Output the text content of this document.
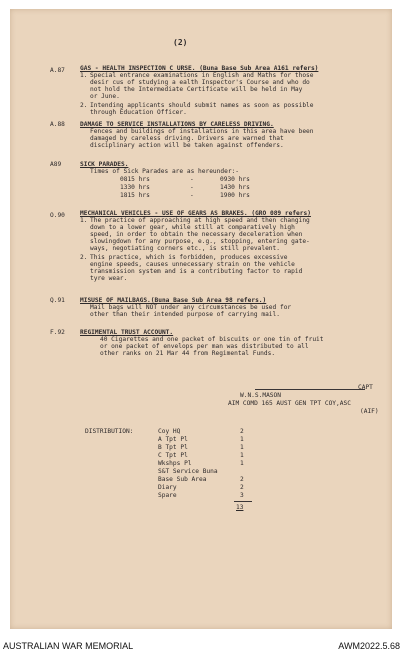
(2)
A.87 GAS - HEALTH INSPECTION C URSE. (Buna Base Sub Area A161 refers)
1. Special entrance examinations in English and Maths for those
desir cus of studying a ealth Inspector's Course and who do
not hold the Intermediate Certificate will be held in May
or June.
2. Intending applicants should submit names as soon as possible
through Education Officer.
A.88 DAMAGE TO SERVICE INSTALLATIONS BY CARELESS DRIVING.
Fences and buildings of installations in this area have been
damaged by careless driving. Drivers are warned that
disciplinary action will be taken against offenders.
A89	SICK PARADES.
Times of Sick Parades are as hereunder:-
0815 hrs	-	0930 hrs
1330 hrs	-	1430 hrs
1815 hrs	-	1900 hrs
O.90 MECHANICAL VEHICLES - USE OF GEARS AS BRAKES. (GRO 089 refers)
1. The practice of approaching at high speed and then changing
down to a lower gear, while still at comparatively high
speed, in order to obtain the necessary deceleration when
slowingdown for any purpose, e.g., stopping, entering gate-
ways, negotiating corners etc., is still prevalent.
2. This practice, which is forbidden, produces excessive
engine speeds, causes unnecessary strain on the vehicle
transmission system and is a contributing factor to rapid
tyre wear.
Q.91 MISUSE OF MAILBAGS.(Buna Base Sub Area 98 refers.)
Mail bags will NOT under any circumstances be used for
other than their intended purpose of carrying mail.
F.92 REGIMENTAL TRUST ACCOUNT.
40 Cigarettes and one packet of biscuits or one tin of fruit
or one packet of envelops per man was distributed to all
other ranks on 21 Mar 44 from Regimental Funds.
CAPT
W.N.S.MASON
AIM COMD 165 AUST GEN TPT COY,ASC
(AIF)
DISTRIBUTION:	Coy HQ	2
A Tpt Pl	1
B Tpt Pl	1
C Tpt Pl	1
Wkshps Pl	1
S&T Service Buna
Base Sub Area	2
Diary	2
Spare	3
13
AUSTRALIAN WAR MEMORIAL	AWM2022.5.68
